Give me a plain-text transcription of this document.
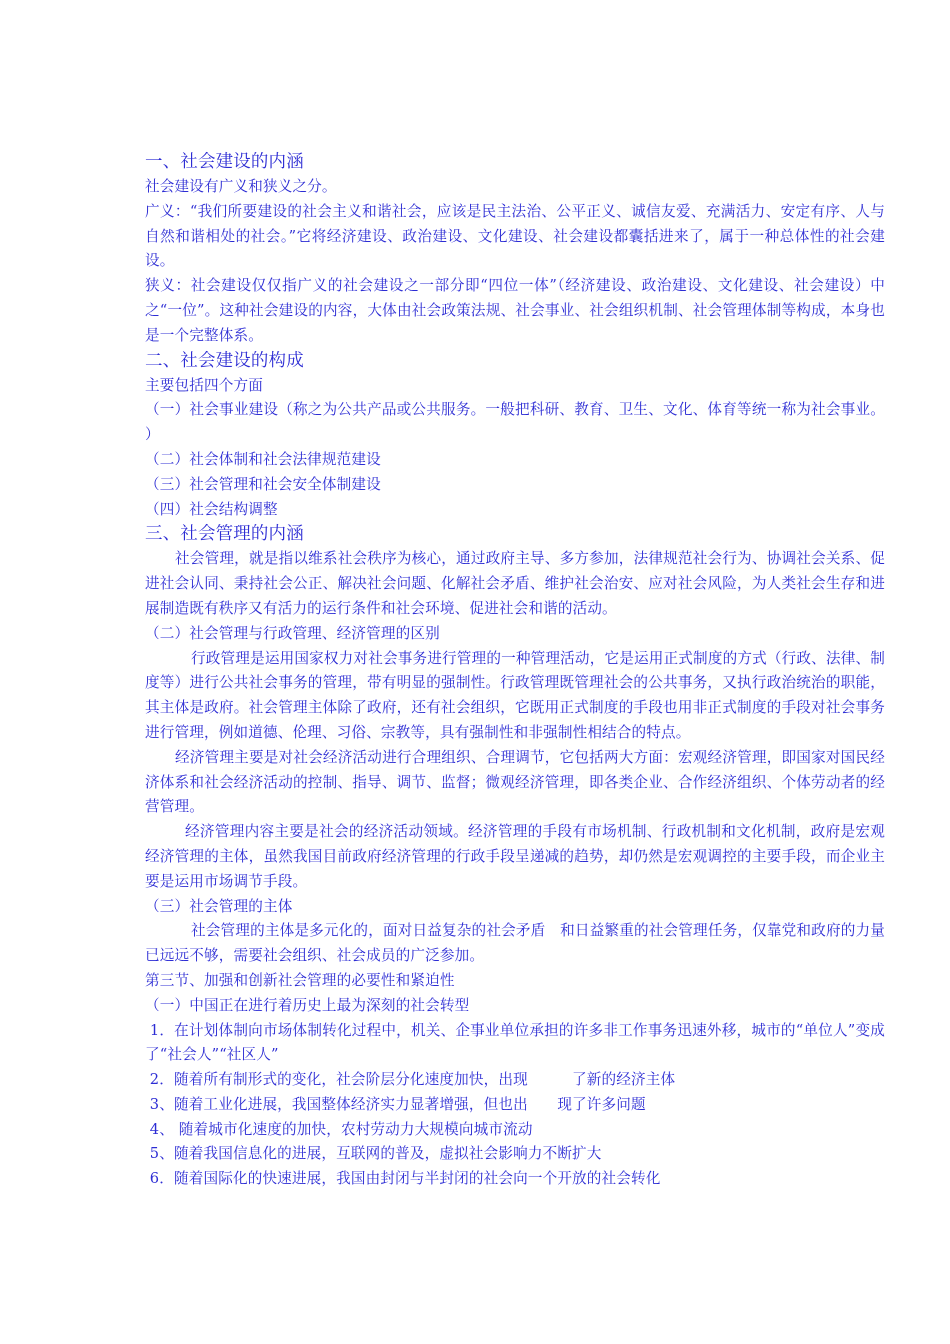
一、社会建设的内涵
社会建设有广义和狭义之分。
广义：“我们所要建设的社会主义和谐社会，应该是民主法治、公平正义、诚信友爱、充满活力、安定有序、人与自然和谐相处的社会。”它将经济建设、政治建设、文化建设、社会建设都囊括进来了，属于一种总体性的社会建设。
狭义：社会建设仅仅指广义的社会建设之一部分即“四位一体”（经济建设、政治建设、文化建设、社会建设）中之“一位”。这种社会建设的内容，大体由社会政策法规、社会事业、社会组织机制、社会管理体制等构成，本身也是一个完整体系。
二、社会建设的构成
主要包括四个方面
（一）社会事业建设（称之为公共产品或公共服务。一般把科研、教育、卫生、文化、体育等统一称为社会事业。 ）
（二）社会体制和社会法律规范建设
（三）社会管理和社会安全体制建设
（四）社会结构调整
三、社会管理的内涵
社会管理，就是指以维系社会秩序为核心，通过政府主导、多方参加，法律规范社会行为、协调社会关系、促进社会认同、秉持社会公正、解决社会问题、化解社会矛盾、维护社会治安、应对社会风险，为人类社会生存和进展制造既有秩序又有活力的运行条件和社会环境、促进社会和谐的活动。
（二）社会管理与行政管理、经济管理的区别
行政管理是运用国家权力对社会事务进行管理的一种管理活动，它是运用正式制度的方式（行政、法律、制度等）进行公共社会事务的管理，带有明显的强制性。行政管理既管理社会的公共事务，又执行政治统治的职能，其主体是政府。社会管理主体除了政府，还有社会组织，它既用正式制度的手段也用非正式制度的手段对社会事务进行管理，例如道德、伦理、习俗、宗教等，具有强制性和非强制性相结合的特点。
经济管理主要是对社会经济活动进行合理组织、合理调节，它包括两大方面：宏观经济管理，即国家对国民经济体系和社会经济活动的控制、指导、调节、监督；微观经济管理，即各类企业、合作经济组织、个体劳动者的经营管理。
经济管理内容主要是社会的经济活动领域。经济管理的手段有市场机制、行政机制和文化机制，政府是宏观经济管理的主体，虽然我国目前政府经济管理的行政手段呈递减的趋势，却仍然是宏观调控的主要手段，而企业主要是运用市场调节手段。
（三）社会管理的主体
社会管理的主体是多元化的，面对日益复杂的社会矛盾　和日益繁重的社会管理任务，仅靠党和政府的力量已远远不够，需要社会组织、社会成员的广泛参加。
第三节、加强和创新社会管理的必要性和紧迫性
（一）中国正在进行着历史上最为深刻的社会转型
1．在计划体制向市场体制转化过程中，机关、企事业单位承担的许多非工作事务迅速外移，城市的“单位人”变成了“社会人”“社区人”
2．随着所有制形式的变化，社会阶层分化速度加快，出现　　　了新的经济主体
3、随着工业化进展，我国整体经济实力显著增强，但也出　　现了许多问题
4、 随着城市化速度的加快，农村劳动力大规模向城市流动
5、随着我国信息化的进展，互联网的普及，虚拟社会影响力不断扩大
6．随着国际化的快速进展，我国由封闭与半封闭的社会向一个开放的社会转化
